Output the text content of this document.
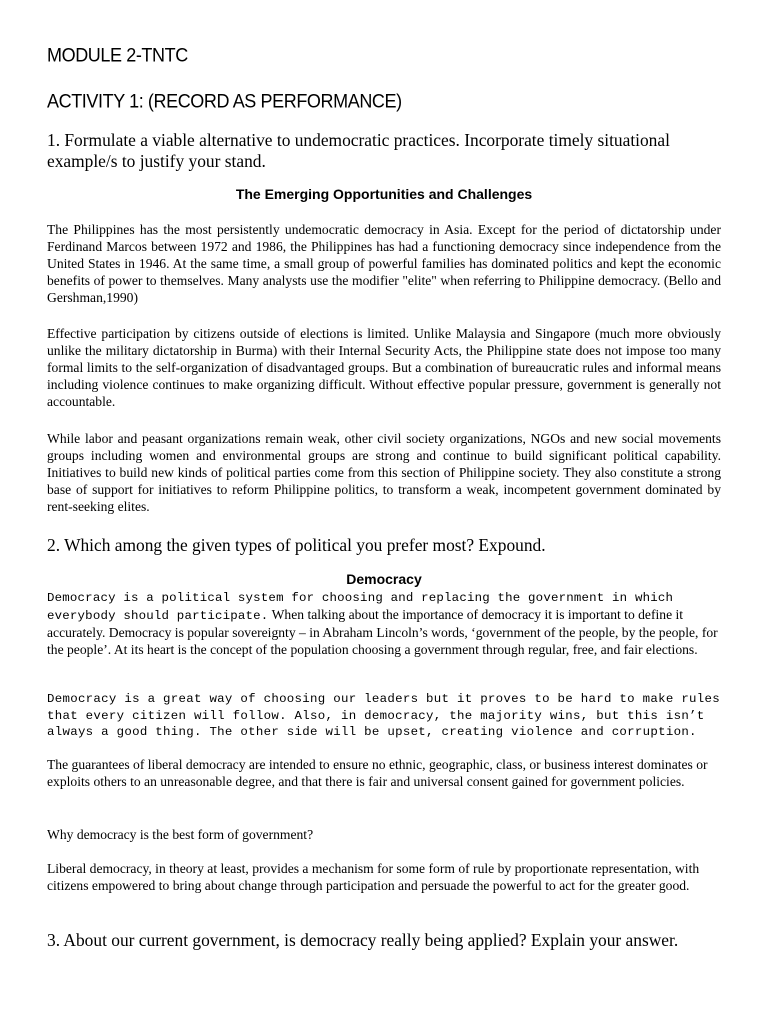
MODULE 2-TNTC
ACTIVITY 1: (RECORD AS PERFORMANCE)

1. Formulate a viable alternative to undemocratic practices. Incorporate timely situational example/s to justify your stand.

The Emerging Opportunities and Challenges

The Philippines has the most persistently undemocratic democracy in Asia. Except for the period of dictatorship under Ferdinand Marcos between 1972 and 1986, the Philippines has had a functioning democracy since independence from the United States in 1946. At the same time, a small group of powerful families has dominated politics and kept the economic benefits of power to themselves. Many analysts use the modifier "elite" when referring to Philippine democracy. (Bello and Gershman,1990)

Effective participation by citizens outside of elections is limited. Unlike Malaysia and Singapore (much more obviously unlike the military dictatorship in Burma) with their Internal Security Acts, the Philippine state does not impose too many formal limits to the self-organization of disadvantaged groups. But a combination of bureaucratic rules and informal means including violence continues to make organizing difficult. Without effective popular pressure, government is generally not accountable.

While labor and peasant organizations remain weak, other civil society organizations, NGOs and new social movements groups including women and environmental groups are strong and continue to build significant political capability. Initiatives to build new kinds of political parties come from this section of Philippine society. They also constitute a strong base of support for initiatives to reform Philippine politics, to transform a weak, incompetent government dominated by rent-seeking elites.

2. Which among the given types of political you prefer most? Expound.

Democracy

Democracy is a political system for choosing and replacing the government in which everybody should participate. When talking about the importance of democracy it is important to define it accurately. Democracy is popular sovereignty – in Abraham Lincoln’s words, ‘government of the people, by the people, for the people’. At its heart is the concept of the population choosing a government through regular, free, and fair elections.

Democracy is a great way of choosing our leaders but it proves to be hard to make rules that every citizen will follow. Also, in democracy, the majority wins, but this isn’t always a good thing. The other side will be upset, creating violence and corruption.

The guarantees of liberal democracy are intended to ensure no ethnic, geographic, class, or business interest dominates or exploits others to an unreasonable degree, and that there is fair and universal consent gained for government policies.

Why democracy is the best form of government?

Liberal democracy, in theory at least, provides a mechanism for some form of rule by proportionate representation, with citizens empowered to bring about change through participation and persuade the powerful to act for the greater good.

3. About our current government, is democracy really being applied? Explain your answer.
